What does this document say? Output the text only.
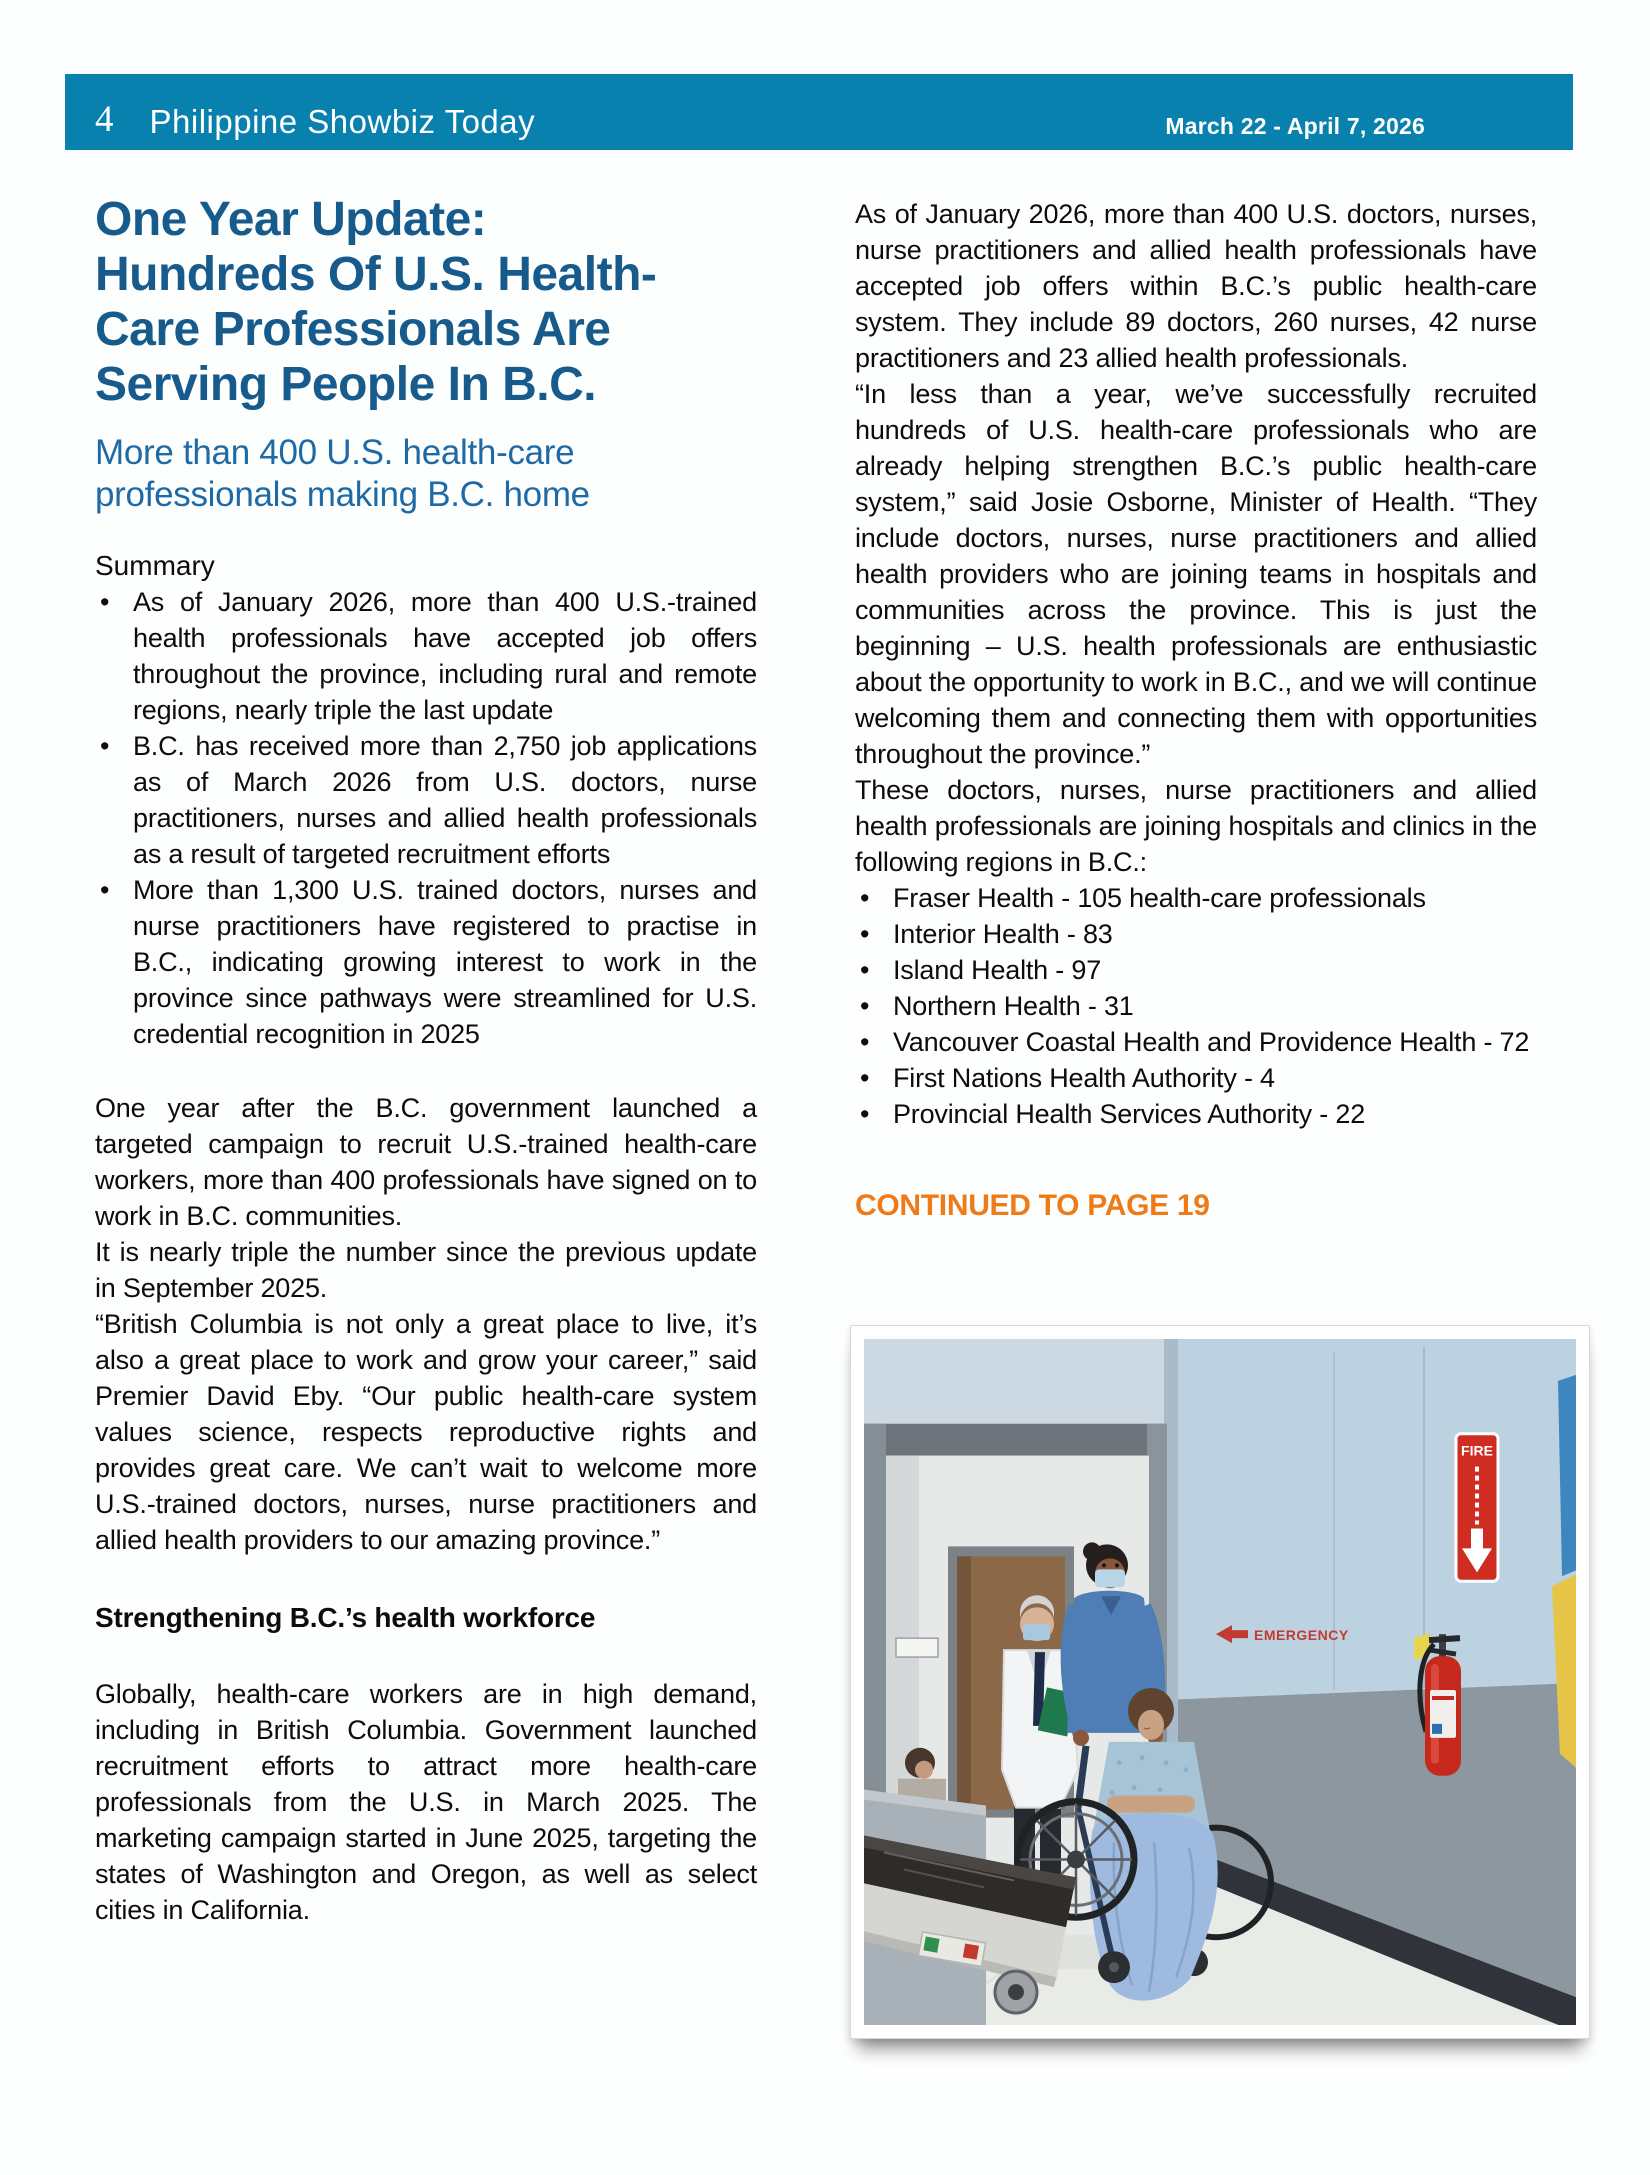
4 Philippine Showbiz Today	March 22 - April 7, 2026
One Year Update:
Hundreds Of U.S. Health-
Care Professionals Are
Serving People In B.C.
More than 400 U.S. health-care
professionals making B.C. home
Summary
•
As of January 2026, more than 400 U.S.-trained health professionals have accepted job offers throughout the province, including rural and remote regions, nearly triple the last update
•
B.C. has received more than 2,750 job applications as of March 2026 from U.S. doctors, nurse practitioners, nurses and allied health professionals as a result of targeted recruitment efforts
•
More than 1,300 U.S. trained doctors, nurses and nurse practitioners have registered to practise in B.C., indicating growing interest to work in the province since pathways were streamlined for U.S. credential recognition in 2025

One year after the B.C. government launched a targeted campaign to recruit U.S.-trained health-care workers, more than 400 professionals have signed on to work in B.C. communities.

It is nearly triple the number since the previous update in September 2025.

“British Columbia is not only a great place to live, it’s also a great place to work and grow your career,” said Premier David Eby. “Our public health-care system values science, respects reproductive rights and provides great care. We can’t wait to welcome more U.S.-trained doctors, nurses, nurse practitioners and allied health providers to our amazing province.”

Strengthening B.C.’s health workforce

Globally, health-care workers are in high demand, including in British Columbia. Government launched recruitment efforts to attract more health-care professionals from the U.S. in March 2025. The marketing campaign started in June 2025, targeting the states of Washington and Oregon, as well as select cities in California.

As of January 2026, more than 400 U.S. doctors, nurses, nurse practitioners and allied health professionals have accepted job offers within B.C.’s public health-care system. They include 89 doctors, 260 nurses, 42 nurse practitioners and 23 allied health professionals.

“In less than a year, we’ve successfully recruited hundreds of U.S. health-care professionals who are already helping strengthen B.C.’s public health-care system,” said Josie Osborne, Minister of Health. “They include doctors, nurses, nurse practitioners and allied health providers who are joining teams in hospitals and communities across the province. This is just the beginning – U.S. health professionals are enthusiastic about the opportunity to work in B.C., and we will continue welcoming them and connecting them with opportunities throughout the province.”

These doctors, nurses, nurse practitioners and allied health professionals are joining hospitals and clinics in the following regions in B.C.:

•
Fraser Health - 105 health-care professionals
•
Interior Health - 83
•
Island Health - 97
•
Northern Health - 31
•
Vancouver Coastal Health and Providence Health - 72
•
First Nations Health Authority - 4
•
Provincial Health Services Authority - 22
CONTINUED TO PAGE 19
EMERGENCY
FIRE
